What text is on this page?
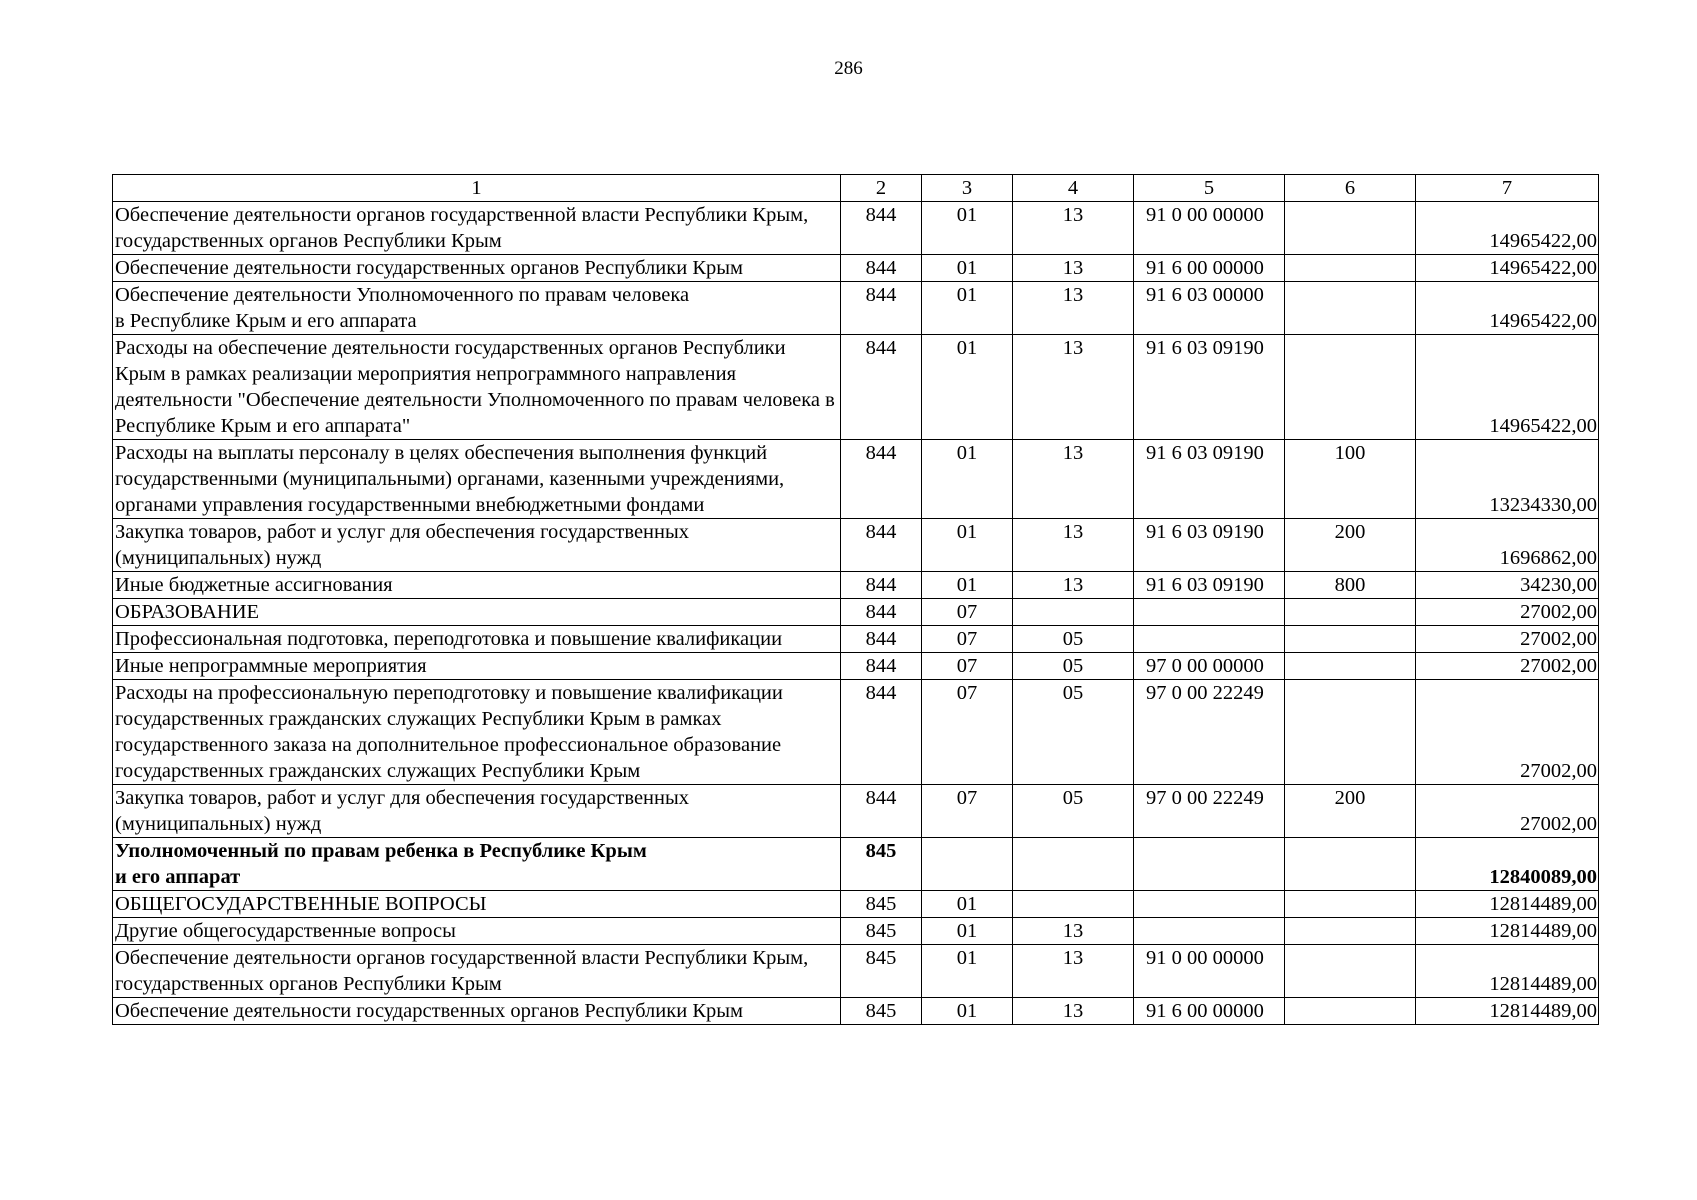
286
1	2	3	4	5	6	7
Обеспечение деятельности органов государственной власти Республики Крым, государственных органов Республики Крым	844	01	13	91 0 00 00000		14965422,00
Обеспечение деятельности государственных органов Республики Крым	844	01	13	91 6 00 00000		14965422,00
Обеспечение деятельности Уполномоченного по правам человека
в Республике Крым и его аппарата	844	01	13	91 6 03 00000		14965422,00
Расходы на обеспечение деятельности государственных органов Республики Крым в рамках реализации мероприятия непрограммного направления деятельности "Обеспечение деятельности Уполномоченного по правам человека в Республике Крым и его аппарата"	844	01	13	91 6 03 09190		14965422,00
Расходы на выплаты персоналу в целях обеспечения выполнения функций государственными (муниципальными) органами, казенными учреждениями, органами управления государственными внебюджетными фондами	844	01	13	91 6 03 09190	100	13234330,00
Закупка товаров, работ и услуг для обеспечения государственных (муниципальных) нужд	844	01	13	91 6 03 09190	200	1696862,00
Иные бюджетные ассигнования	844	01	13	91 6 03 09190	800	34230,00
ОБРАЗОВАНИЕ	844	07				27002,00
Профессиональная подготовка, переподготовка и повышение квалификации	844	07	05			27002,00
Иные непрограммные мероприятия	844	07	05	97 0 00 00000		27002,00
Расходы на профессиональную переподготовку и повышение квалификации государственных гражданских служащих Республики Крым в рамках государственного заказа на дополнительное профессиональное образование государственных гражданских служащих Республики Крым	844	07	05	97 0 00 22249		27002,00
Закупка товаров, работ и услуг для обеспечения государственных (муниципальных) нужд	844	07	05	97 0 00 22249	200	27002,00
Уполномоченный по правам ребенка в Республике Крым
и его аппарат	845					12840089,00
ОБЩЕГОСУДАРСТВЕННЫЕ ВОПРОСЫ	845	01				12814489,00
Другие общегосударственные вопросы	845	01	13			12814489,00
Обеспечение деятельности органов государственной власти Республики Крым, государственных органов Республики Крым	845	01	13	91 0 00 00000		12814489,00
Обеспечение деятельности государственных органов Республики Крым	845	01	13	91 6 00 00000		12814489,00
